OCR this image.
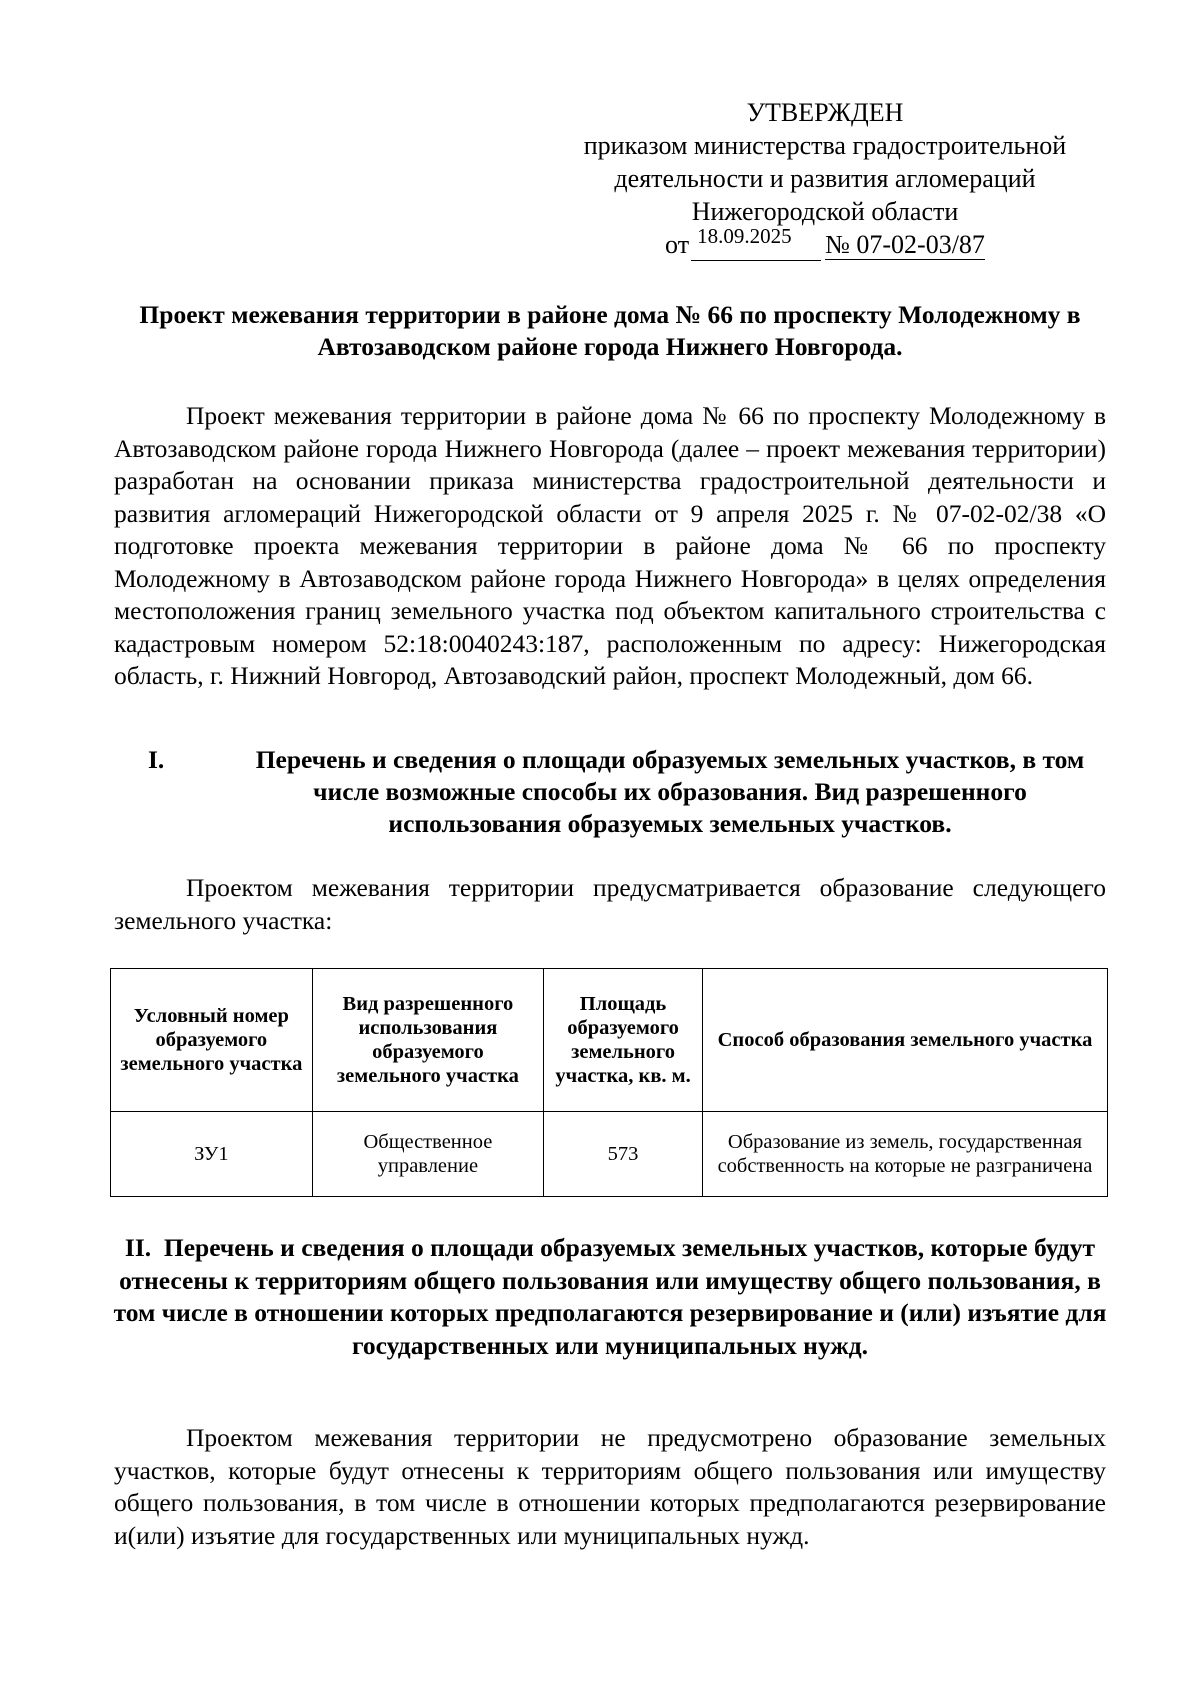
УТВЕРЖДЕН
приказом министерства градостроительной
деятельности и развития агломераций
Нижегородской области
от 18.09.2025 № 07-02-03/87
Проект межевания территории в районе дома № 66 по проспекту Молодежному в Автозаводском районе города Нижнего Новгорода.
Проект межевания территории в районе дома № 66 по проспекту Молодежному в Автозаводском районе города Нижнего Новгорода (далее – проект межевания территории) разработан на основании приказа министерства градостроительной деятельности и развития агломераций Нижегородской области от 9 апреля 2025 г. № 07-02-02/38 «О подготовке проекта межевания территории в районе дома № 66 по проспекту Молодежному в Автозаводском районе города Нижнего Новгорода» в целях определения местоположения границ земельного участка под объектом капитального строительства с кадастровым номером 52:18:0040243:187, расположенным по адресу: Нижегородская область, г. Нижний Новгород, Автозаводский район, проспект Молодежный, дом 66.
I.	Перечень и сведения о площади образуемых земельных участков, в том числе возможные способы их образования. Вид разрешенного использования образуемых земельных участков.
Проектом межевания территории предусматривается образование следующего земельного участка:
Условный номер образуемого земельного участка	Вид разрешенного использования образуемого земельного участка	Площадь образуемого земельного участка, кв. м.	Способ образования земельного участка
ЗУ1	Общественное управление	573	Образование из земель, государственная собственность на которые не разграничена
II. Перечень и сведения о площади образуемых земельных участков, которые будут отнесены к территориям общего пользования или имуществу общего пользования, в том числе в отношении которых предполагаются резервирование и (или) изъятие для государственных или муниципальных нужд.
Проектом межевания территории не предусмотрено образование земельных участков, которые будут отнесены к территориям общего пользования или имуществу общего пользования, в том числе в отношении которых предполагаются резервирование и(или) изъятие для государственных или муниципальных нужд.
